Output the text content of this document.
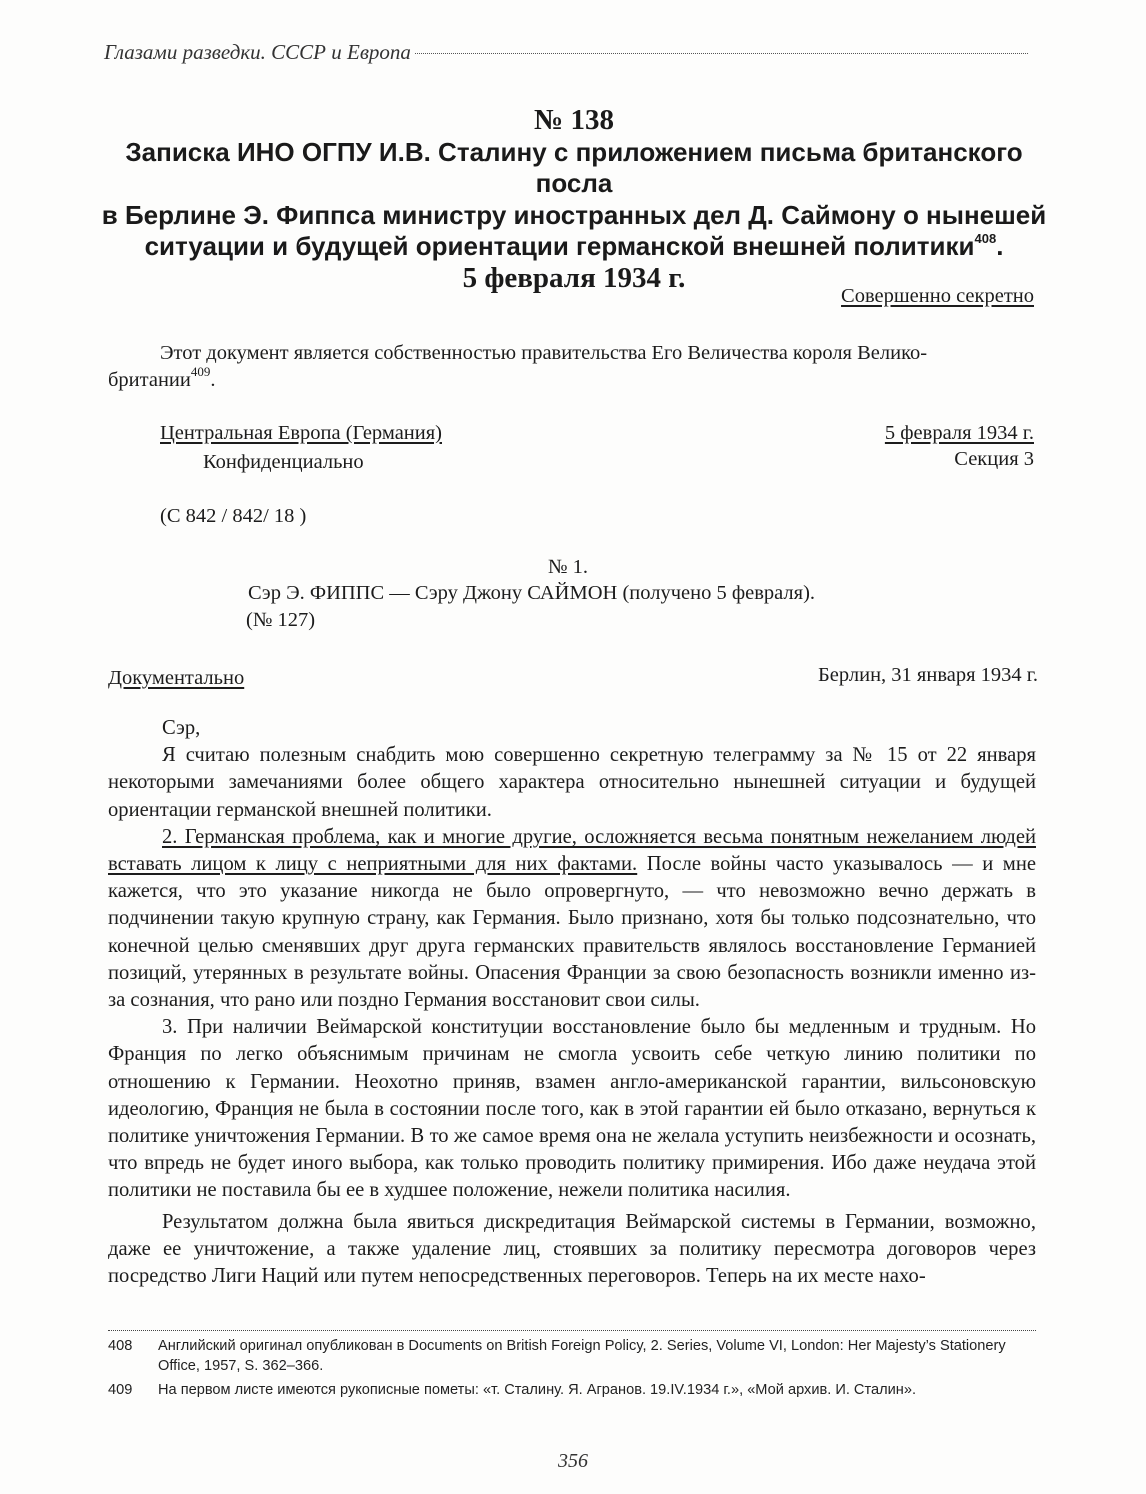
Глазами разведки. СССР и Европа
№ 138
Записка ИНО ОГПУ И.В. Сталину с приложением письма британского посла
в Берлине Э. Фиппса министру иностранных дел Д. Саймону о нынешей
ситуации и будущей ориентации германской внешней политики$^{408}$.
5 февраля 1934 г.
Совершенно секретно
Этот документ является собственностью правительства Его Величества короля Велико-
британии$^{409}$.
Центральная Европа (Германия)	5 февраля 1934 г.
Конфиденциально	Секция 3
(С 842 / 842/ 18 )
№ 1.
Сэр Э. ФИППС — Сэру Джону САЙМОН (получено 5 февраля).
(№ 127)
Документально	Берлин, 31 января 1934 г.

Сэр,

Я считаю полезным снабдить мою совершенно секретную телеграмму за № 15 от 22 января некоторыми замечаниями более общего характера относительно нынешней ситуации и будущей ориентации германской внешней политики.

2. Германская проблема, как и многие другие, осложняется весьма понятным нежеланием людей вставать лицом к лицу с неприятными для них фактами. После войны часто указывалось — и мне кажется, что это указание никогда не было опровергнуто, — что невозможно вечно держать в подчинении такую крупную страну, как Германия. Было признано, хотя бы только подсознательно, что конечной целью сменявших друг друга германских правительств являлось восстановление Германией позиций, утерянных в результате войны. Опасения Франции за свою безопасность возникли именно из- за сознания, что рано или поздно Германия восстановит свои силы.

3. При наличии Веймарской конституции восстановление было бы медленным и трудным. Но Франция по легко объяснимым причинам не смогла усвоить себе четкую линию политики по отношению к Германии. Неохотно приняв, взамен англо-американской гарантии, вильсоновскую идеологию, Франция не была в состоянии после того, как в этой гарантии ей было отказано, вернуться к политике уничтожения Германии. В то же самое время она не желала уступить неизбежности и осознать, что впредь не будет иного выбора, как только проводить политику примирения. Ибо даже неудача этой политики не поставила бы ее в худшее положение, нежели политика насилия.

Результатом должна была явиться дискредитация Веймарской системы в Германии, возможно, даже ее уничтожение, а также удаление лиц, стоявших за политику пересмотра договоров через посредство Лиги Наций или путем непосредственных переговоров. Теперь на их месте нахо-

408	Английский оригинал опубликован в Documents on British Foreign Policy, 2. Series, Volume VI, London: Her Majesty’s Stationery Office, 1957, S. 362–366.
409	На первом листе имеются рукописные пометы: «т. Сталину. Я. Агранов. 19.IV.1934 г.», «Мой архив. И. Сталин».
356
